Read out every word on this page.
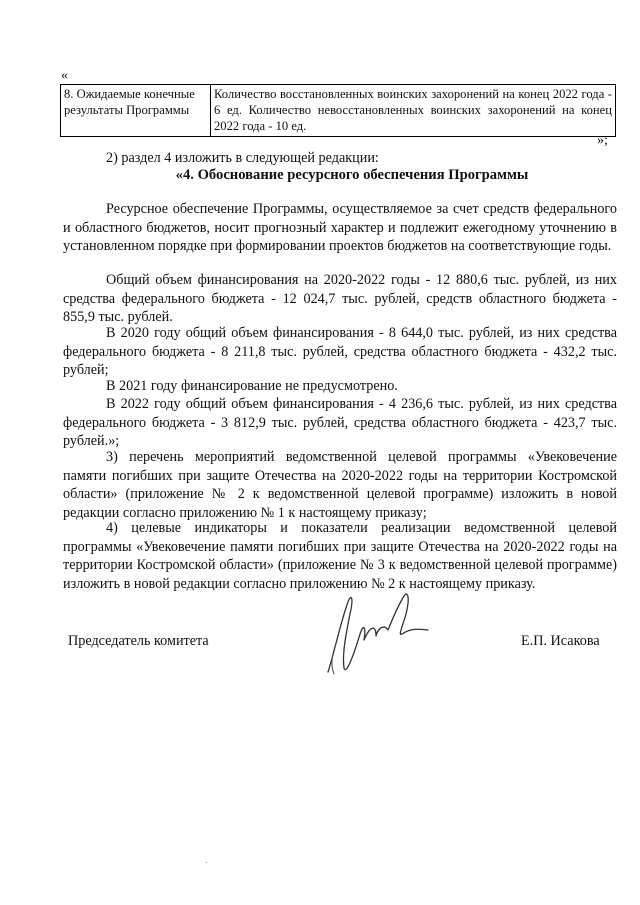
«
8. Ожидаемые конечные результаты Программы	Количество восстановленных воинских захоронений на конец 2022 года - 6 ед. Количество невосстановленных воинских захоронений на конец 2022 года - 10 ед.
»;
2) раздел 4 изложить в следующей редакции:
«4. Обоснование ресурсного обеспечения Программы
Ресурсное обеспечение Программы, осуществляемое за счет средств федерального и областного бюджетов, носит прогнозный характер и подлежит ежегодному уточнению в установленном порядке при формировании проектов бюджетов на соответствующие годы.
Общий объем финансирования на 2020-2022 годы - 12 880,6 тыс. рублей, из них средства федерального бюджета - 12 024,7 тыс. рублей, средств областного бюджета - 855,9 тыс. рублей.
В 2020 году общий объем финансирования - 8 644,0 тыс. рублей, из них средства федерального бюджета - 8 211,8 тыс. рублей, средства областного бюджета - 432,2 тыс. рублей;
В 2021 году финансирование не предусмотрено.
В 2022 году общий объем финансирования - 4 236,6 тыс. рублей, из них средства федерального бюджета - 3 812,9 тыс. рублей, средства областного бюджета - 423,7 тыс. рублей.»;
3) перечень мероприятий ведомственной целевой программы «Увековечение памяти погибших при защите Отечества на 2020-2022 годы на территории Костромской области» (приложение № 2 к ведомственной целевой программе) изложить в новой редакции согласно приложению № 1 к настоящему приказу;
4) целевые индикаторы и показатели реализации ведомственной целевой программы «Увековечение памяти погибших при защите Отечества на 2020-2022 годы на территории Костромской области» (приложение № 3 к ведомственной целевой программе) изложить в новой редакции согласно приложению № 2 к настоящему приказу.
Председатель комитета	Е.П. Исакова
